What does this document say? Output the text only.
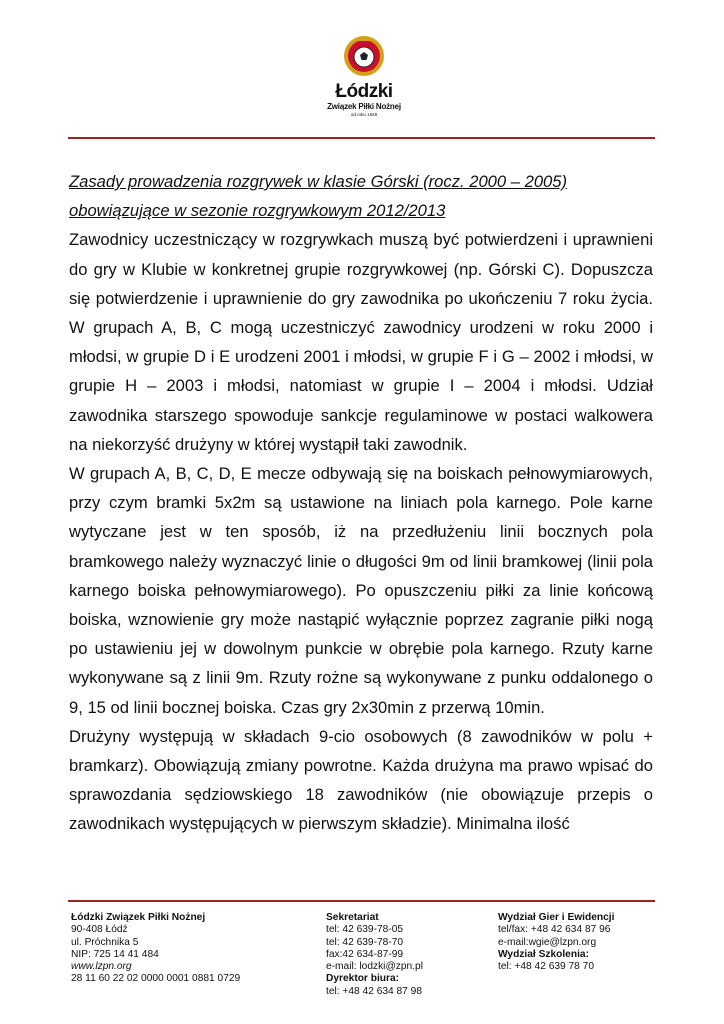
Łódzki
Związek Piłki Nożnej
od roku 1928

Zasady prowadzenia rozgrywek w klasie Górski (rocz. 2000 – 2005)

obowiązujące w sezonie rozgrywkowym 2012/2013

Zawodnicy uczestniczący w rozgrywkach muszą być potwierdzeni i uprawnieni do gry w Klubie w konkretnej grupie rozgrywkowej (np. Górski C). Dopuszcza się potwierdzenie i uprawnienie do gry zawodnika po ukończeniu 7 roku życia. W grupach A, B, C mogą uczestniczyć zawodnicy urodzeni w roku 2000 i młodsi, w grupie D i E urodzeni 2001 i młodsi, w grupie F i G – 2002 i młodsi, w grupie H – 2003 i młodsi, natomiast w grupie I – 2004 i młodsi. Udział zawodnika starszego spowoduje sankcje regulaminowe w postaci walkowera na niekorzyść drużyny w której wystąpił taki zawodnik.

W grupach A, B, C, D, E mecze odbywają się na boiskach pełnowymiarowych, przy czym bramki 5x2m są ustawione na liniach pola karnego. Pole karne wytyczane jest w ten sposób, iż na przedłużeniu linii bocznych pola bramkowego należy wyznaczyć linie o długości 9m od linii bramkowej (linii pola karnego boiska pełnowymiarowego). Po opuszczeniu piłki za linie końcową boiska, wznowienie gry może nastąpić wyłącznie poprzez zagranie piłki nogą po ustawieniu jej w dowolnym punkcie w obrębie pola karnego. Rzuty karne wykonywane są z linii 9m. Rzuty rożne są wykonywane z punku oddalonego o 9, 15 od linii bocznej boiska. Czas gry 2x30min z przerwą 10min.

Drużyny występują w składach 9-cio osobowych (8 zawodników w polu + bramkarz). Obowiązują zmiany powrotne. Każda drużyna ma prawo wpisać do sprawozdania sędziowskiego 18 zawodników (nie obowiązuje przepis o zawodnikach występujących w pierwszym składzie). Minimalna ilość

Łódzki Związek Piłki Nożnej
90-408 Łódź
ul. Próchnika 5
NIP: 725 14 41 484
www.lzpn.org
28 11 60 22 02 0000 0001 0881 0729
Sekretariat
tel: 42 639-78-05
tel: 42 639-78-70
fax:42 634-87-99
e-mail: lodzki@zpn.pl
Dyrektor biura:
tel: +48 42 634 87 98
Wydział Gier i Ewidencji
tel/fax: +48 42 634 87 96
e-mail:wgie@lzpn.org
Wydział Szkolenia:
tel: +48 42 639 78 70
